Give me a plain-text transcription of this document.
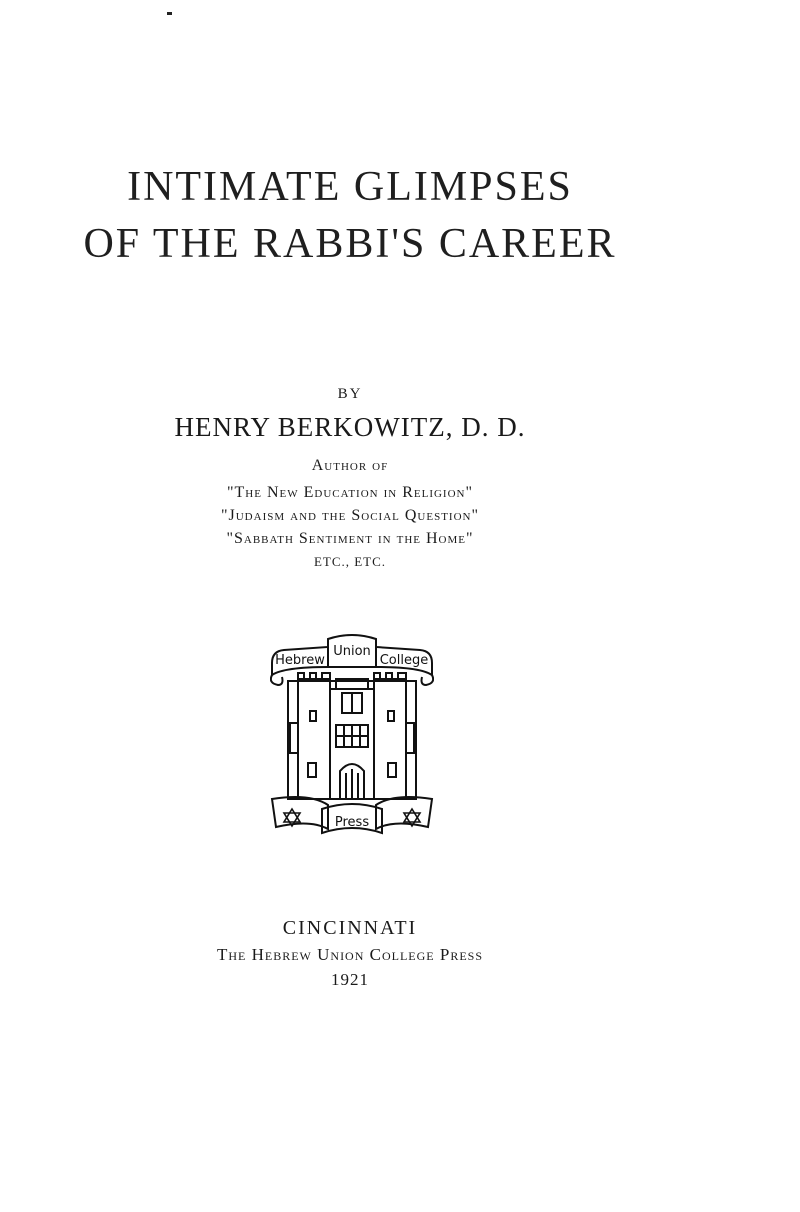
INTIMATE GLIMPSES
OF THE RABBI'S CAREER
BY
HENRY BERKOWITZ, D. D.
Author of
"The New Education in Religion"
"Judaism and the Social Question"
"Sabbath Sentiment in the Home"
ETC., ETC.
Hebrew
Union
College
Press
CINCINNATI
The Hebrew Union College Press
1921
